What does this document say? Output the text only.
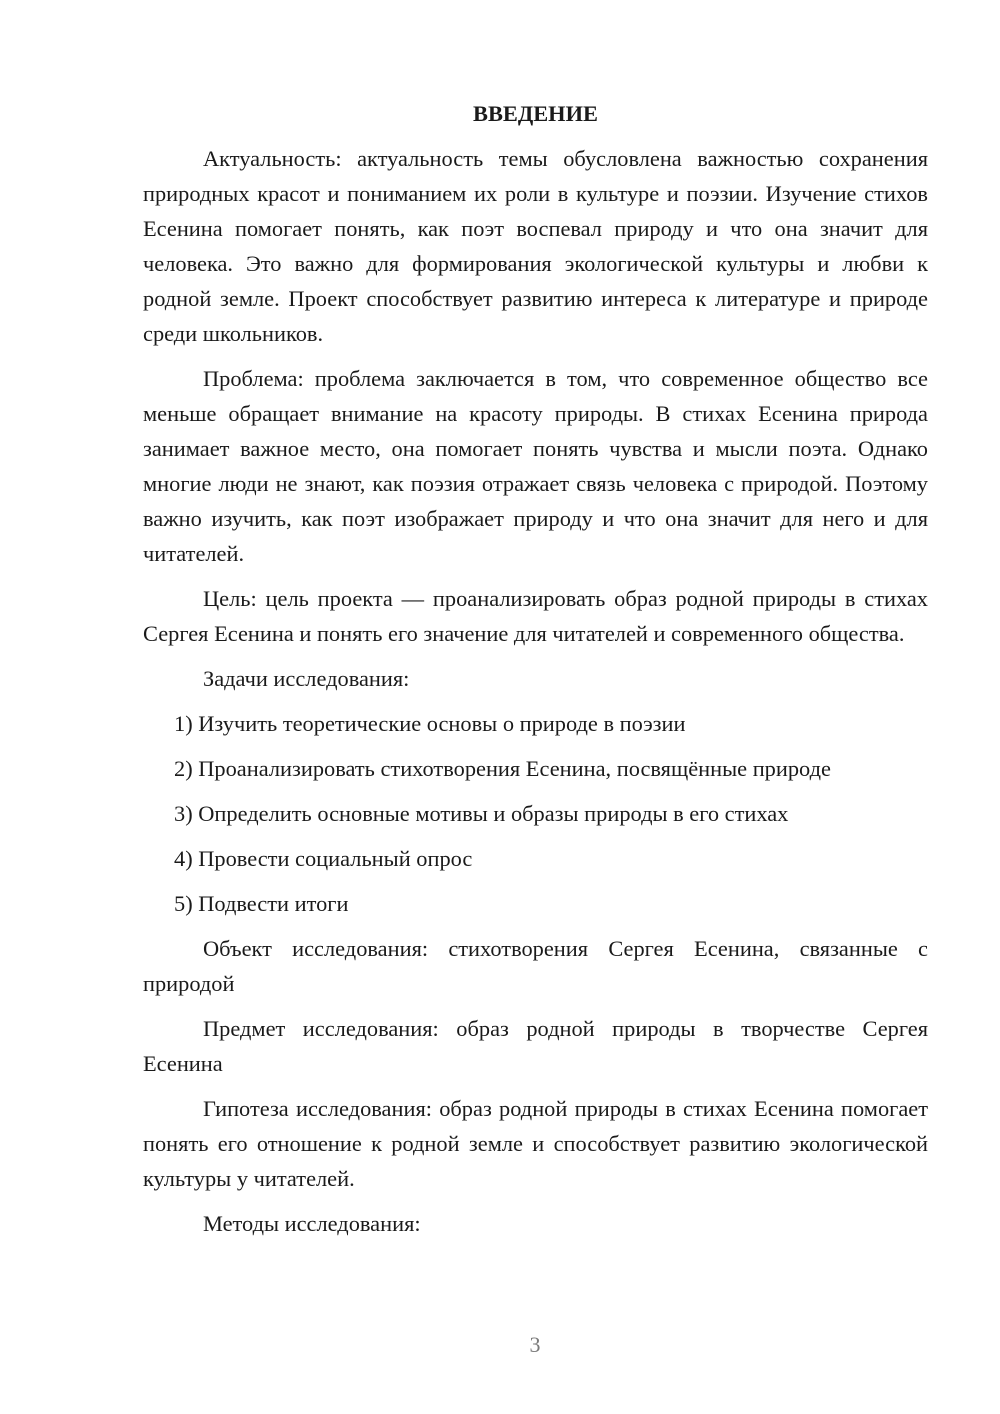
ВВЕДЕНИЕ

Актуальность: актуальность темы обусловлена важностью сохранения природных красот и пониманием их роли в культуре и поэзии. Изучение стихов Есенина помогает понять, как поэт воспевал природу и что она значит для человека. Это важно для формирования экологической культуры и любви к родной земле. Проект способствует развитию интереса к литературе и природе среди школьников.

Проблема: проблема заключается в том, что современное общество все меньше обращает внимание на красоту природы. В стихах Есенина природа занимает важное место, она помогает понять чувства и мысли поэта. Однако многие люди не знают, как поэзия отражает связь человека с природой. Поэтому важно изучить, как поэт изображает природу и что она значит для него и для читателей.

Цель: цель проекта — проанализировать образ родной природы в стихах Сергея Есенина и понять его значение для читателей и современного общества.

Задачи исследования:

1) Изучить теоретические основы о природе в поэзии

2) Проанализировать стихотворения Есенина, посвящённые природе

3) Определить основные мотивы и образы природы в его стихах

4) Провести социальный опрос

5) Подвести итоги

Объект исследования: стихотворения Сергея Есенина, связанные с природой

Предмет исследования: образ родной природы в творчестве Сергея Есенина

Гипотеза исследования: образ родной природы в стихах Есенина помогает понять его отношение к родной земле и способствует развитию экологической культуры у читателей.

Методы исследования:

3
